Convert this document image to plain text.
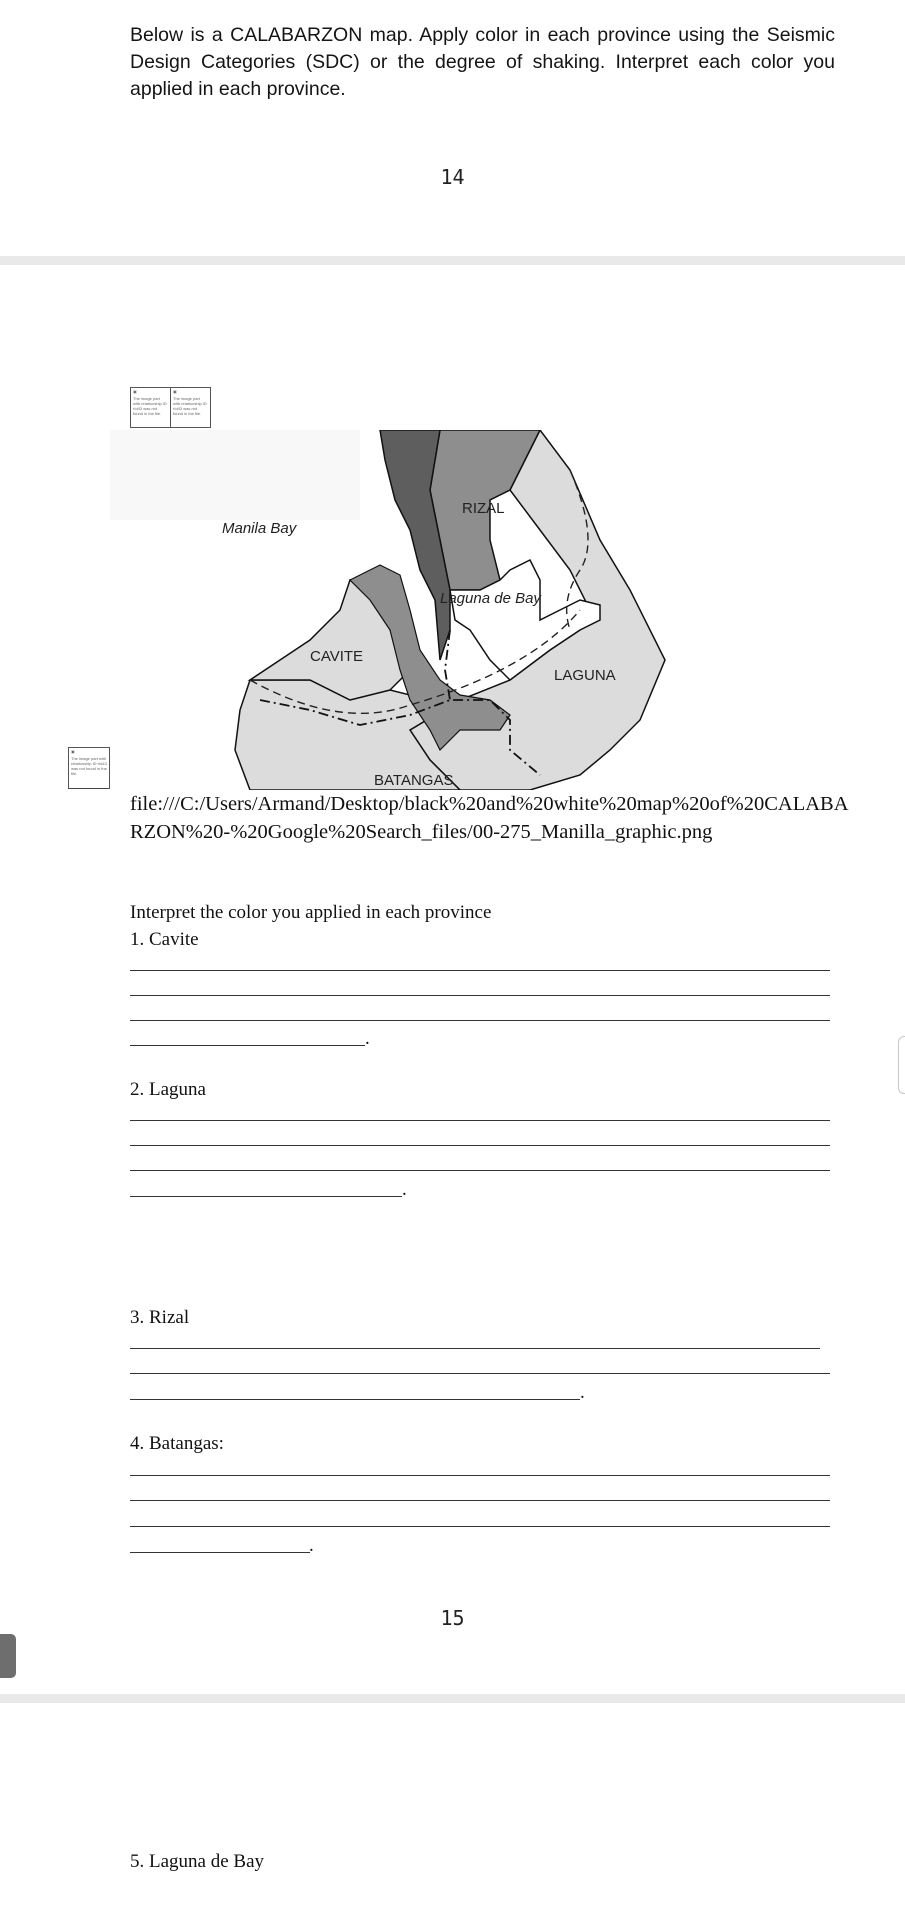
Below is a CALABARZON map. Apply color in each province using the Seismic Design Categories (SDC) or the degree of shaking. Interpret each color you applied in each province.
14
▣
The image part with relationship ID rId43 was not found in the file.
▣
The image part with relationship ID rId43 was not found in the file.
▣
The image part with relationship ID rId43 was not found in the file.
Manila Bay
RIZAL
Laguna de Bay
CAVITE
LAGUNA
BATANGAS
file:///C:/Users/Armand/Desktop/black%20and%20white%20map%20of%20CALABARZON%20-%20Google%20Search_files/00-275_Manilla_graphic.png
Interpret the color you applied in each province
1. Cavite
.
2. Laguna
.
3. Rizal
.
4. Batangas:
.
15
5. Laguna de Bay
